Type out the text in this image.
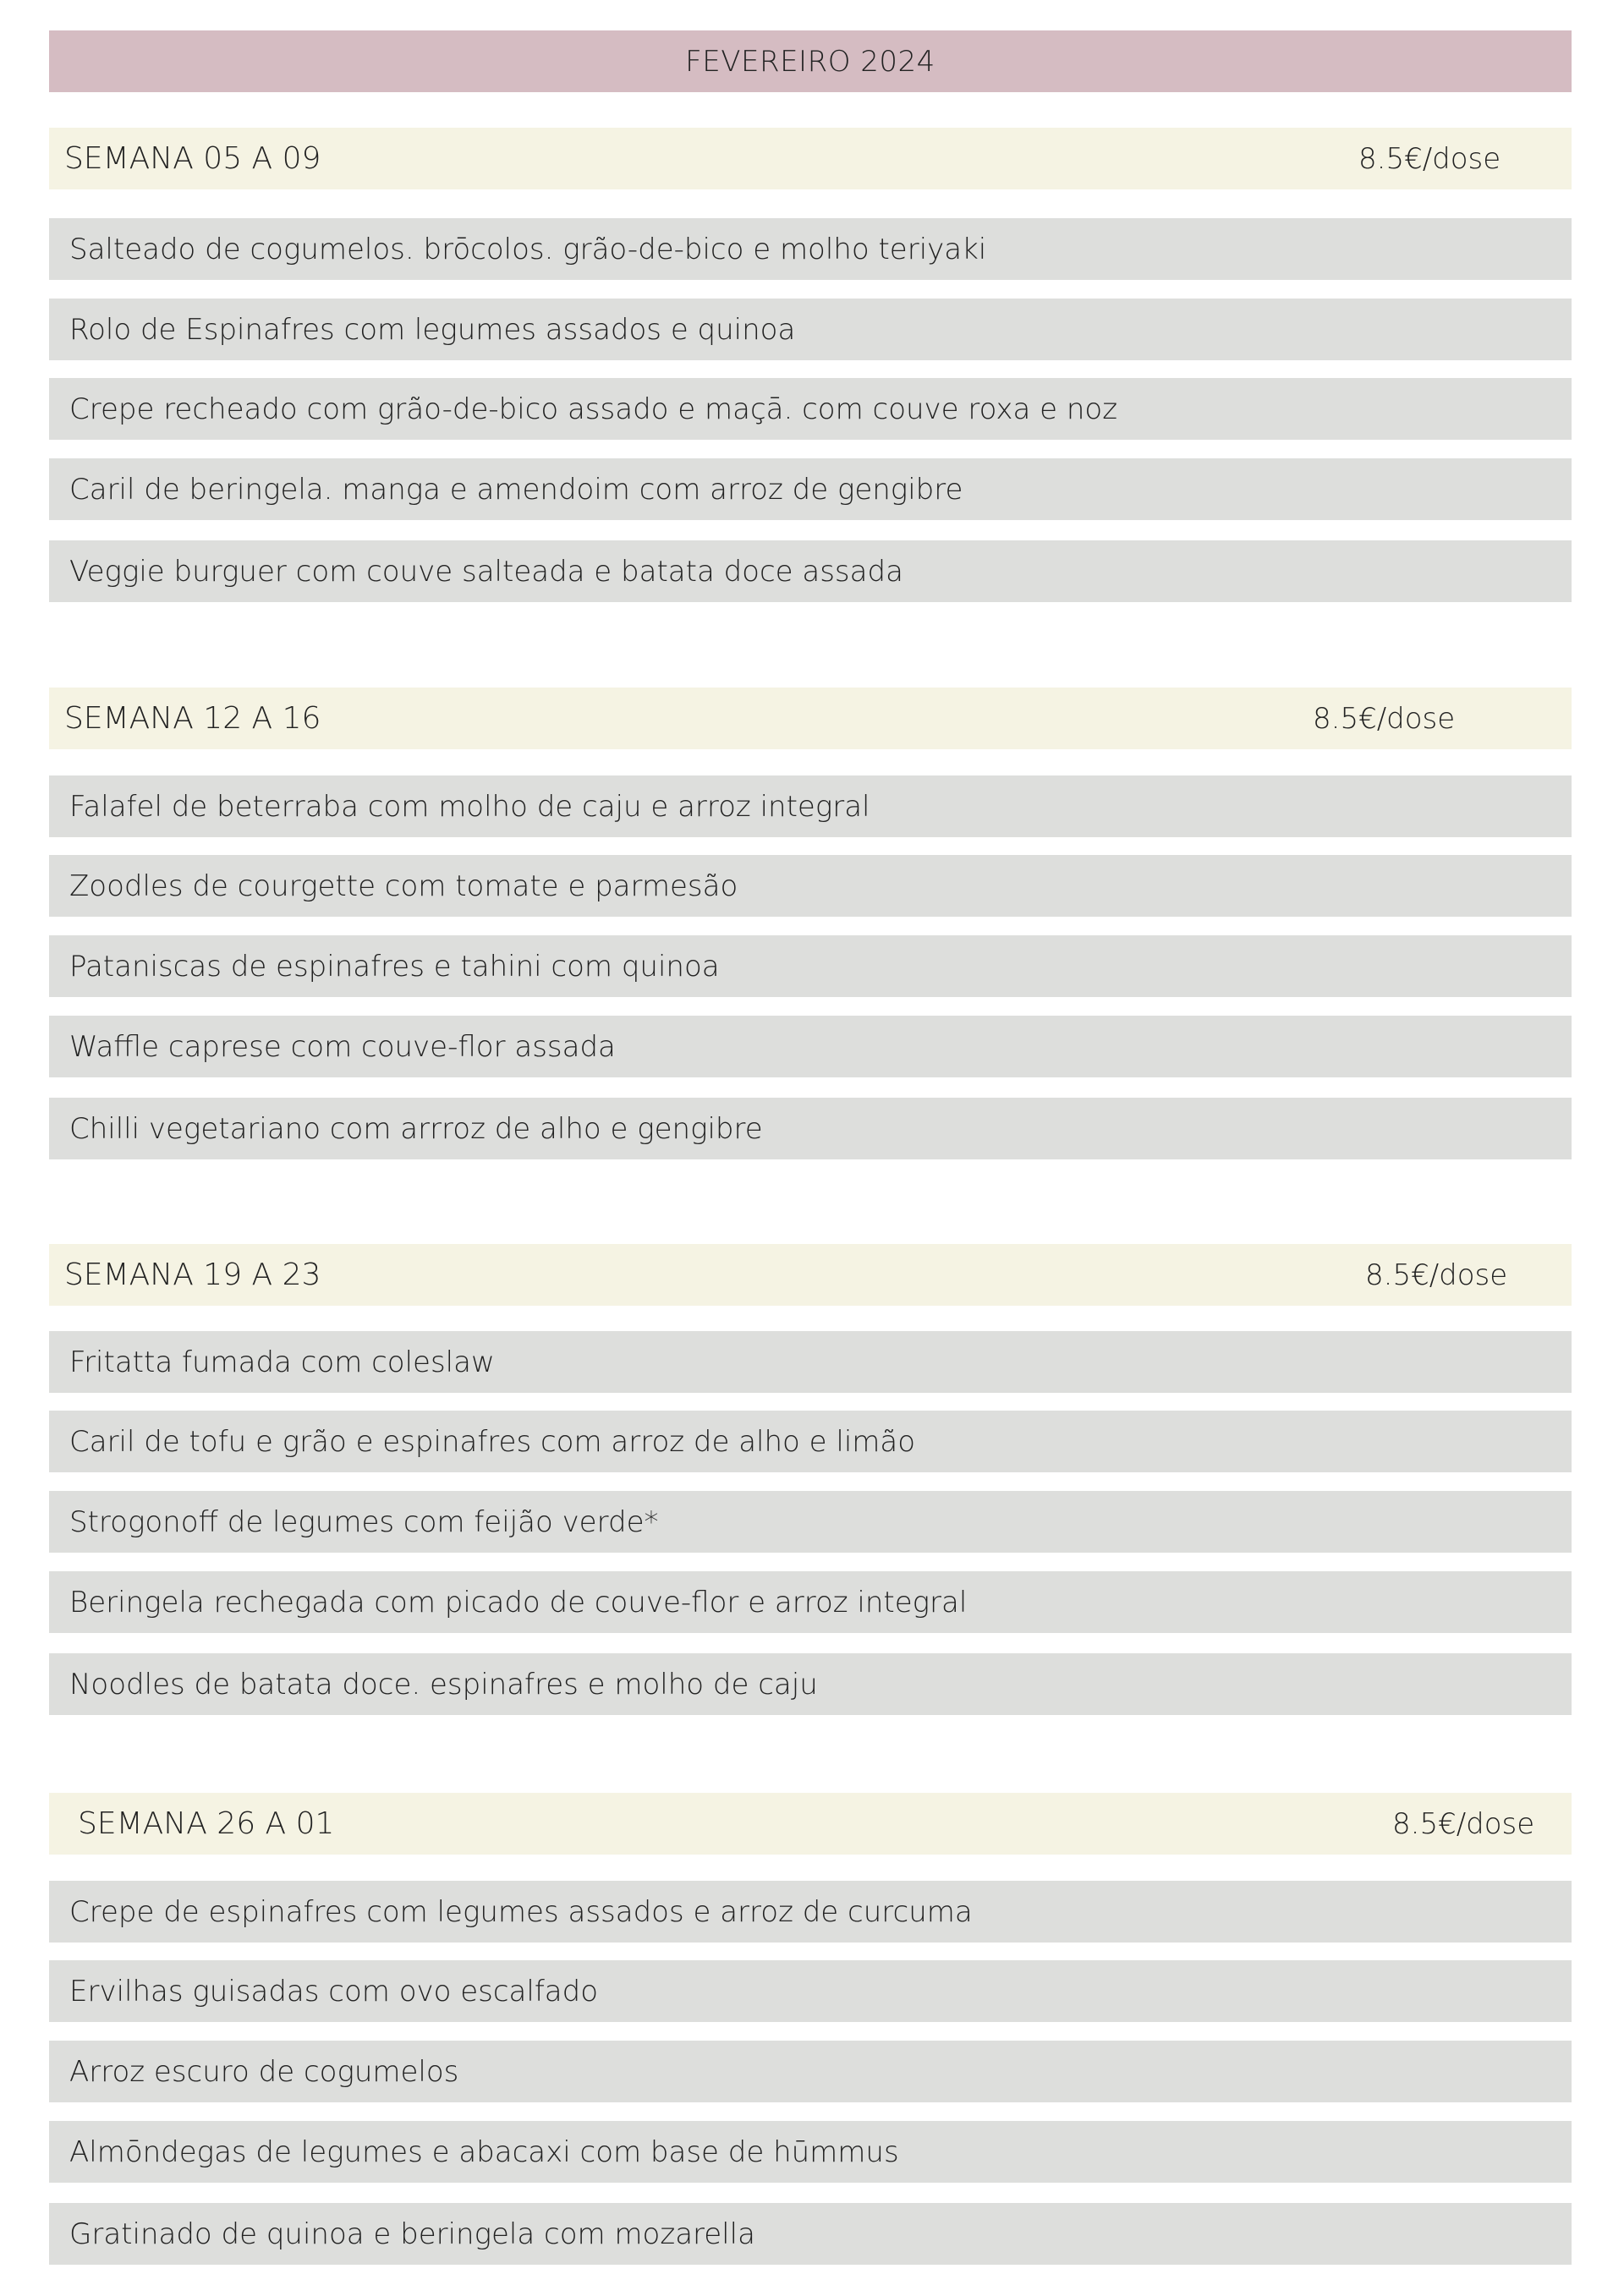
FEVEREIRO 2024
SEMANA 05 A 09	8.5€/dose
Salteado de cogumelos. brōcolos. grão-de-bico e molho teriyaki
Rolo de Espinafres com legumes assados e quinoa
Crepe recheado com grão-de-bico assado e maçā. com couve roxa e noz
Caril de beringela. manga e amendoim com arroz de gengibre
Veggie burguer com couve salteada e batata doce assada
SEMANA 12 A 16	8.5€/dose
Falafel de beterraba com molho de caju e arroz integral
Zoodles de courgette com tomate e parmesão
Pataniscas de espinafres e tahini com quinoa
Waffle caprese com couve-flor assada
Chilli vegetariano com arrroz de alho e gengibre
SEMANA 19 A 23	8.5€/dose
Fritatta fumada com coleslaw
Caril de tofu e grão e espinafres com arroz de alho e limão
Strogonoff de legumes com feijão verde*
Beringela rechegada com picado de couve-flor e arroz integral
Noodles de batata doce. espinafres e molho de caju
SEMANA 26 A 01	8.5€/dose
Crepe de espinafres com legumes assados e arroz de curcuma
Ervilhas guisadas com ovo escalfado
Arroz escuro de cogumelos
Almōndegas de legumes e abacaxi com base de hūmmus
Gratinado de quinoa e beringela com mozarella
